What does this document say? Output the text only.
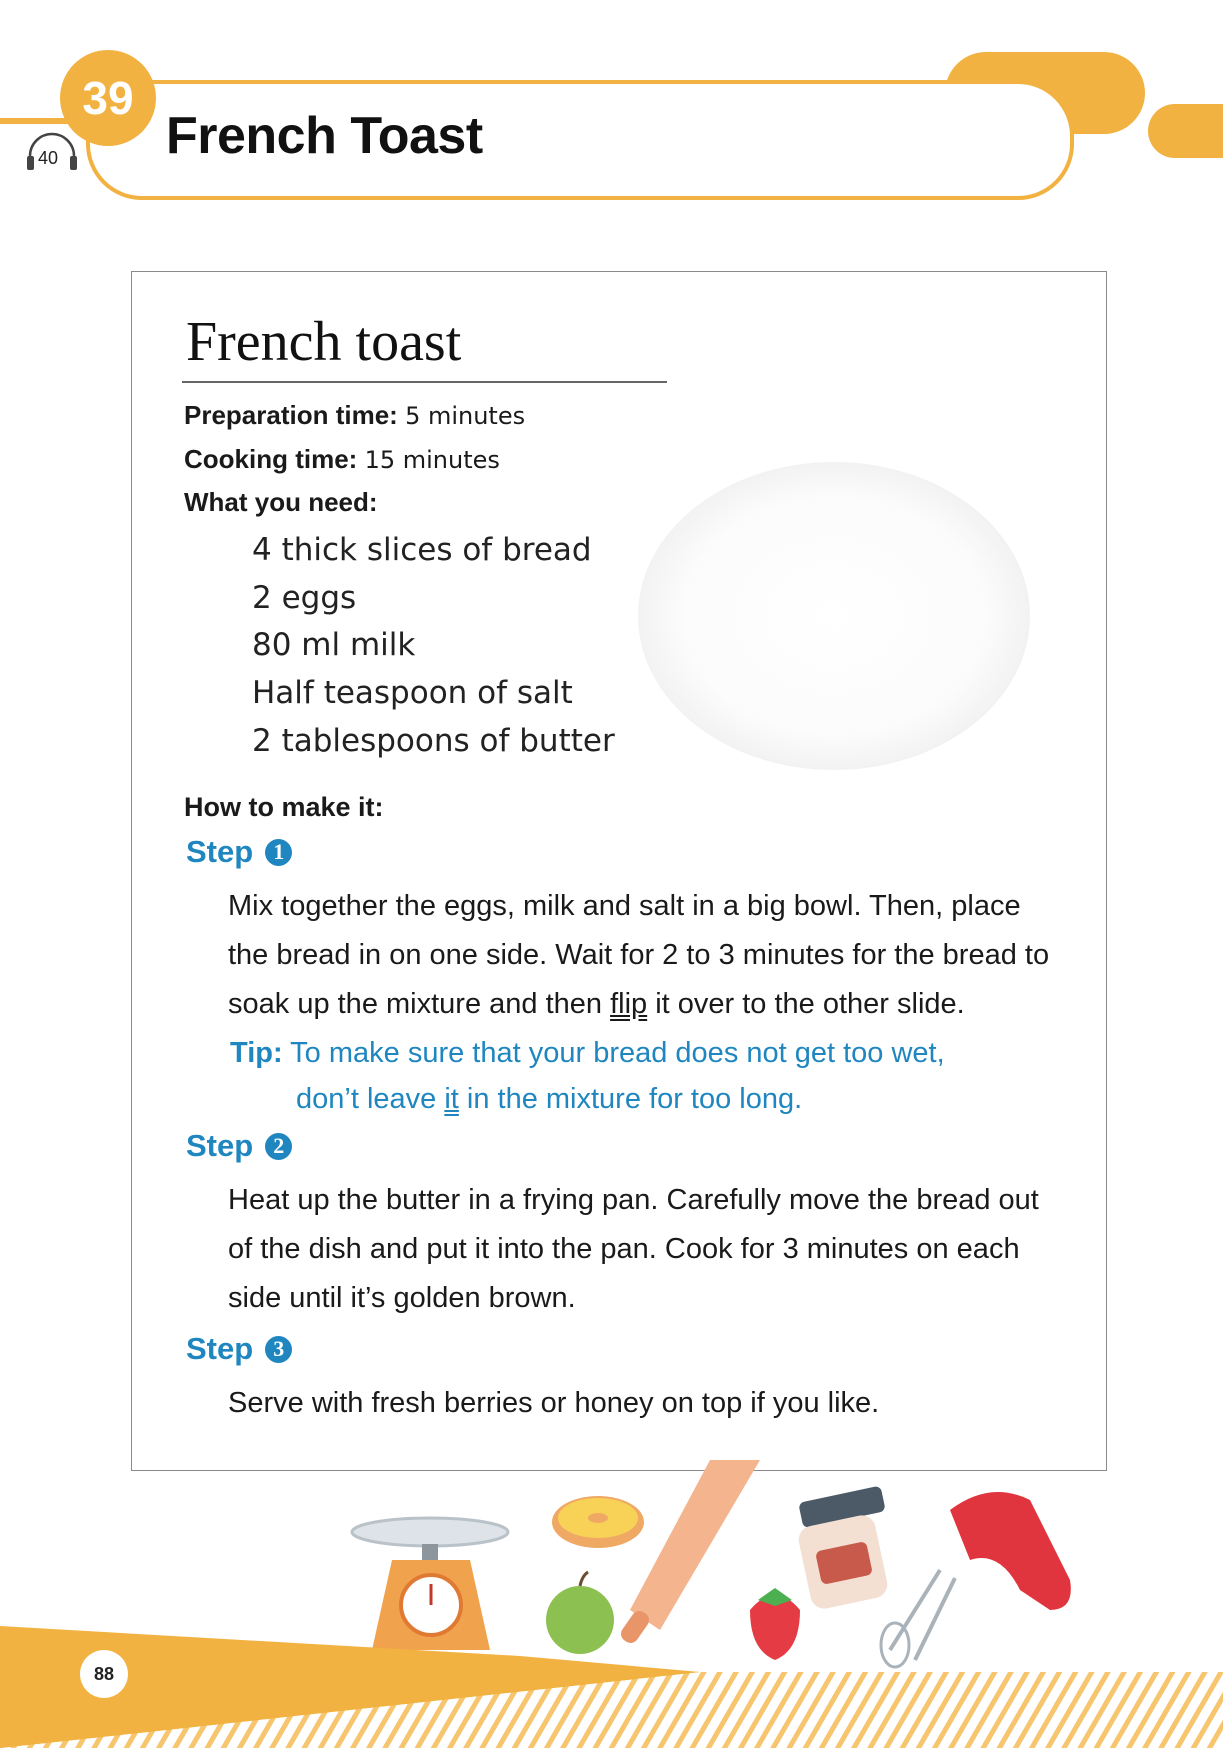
39
French Toast
40
French toast
Preparation time: 5 minutes
Cooking time: 15 minutes
What you need:
4 thick slices of bread
2 eggs
80 ml milk
Half teaspoon of salt
2 tablespoons of butter
How to make it:
Step 1
Mix together the eggs, milk and salt in a big bowl. Then, place the bread in on one side. Wait for 2 to 3 minutes for the bread to soak up the mixture and then flip it over to the other slide.
Tip: To make sure that your bread does not get too wet,
don’t leave it in the mixture for too long.
Step 2
Heat up the butter in a frying pan. Carefully move the bread out of the dish and put it into the pan. Cook for 3 minutes on each side until it’s golden brown.
Step 3
Serve with fresh berries or honey on top if you like.
88
